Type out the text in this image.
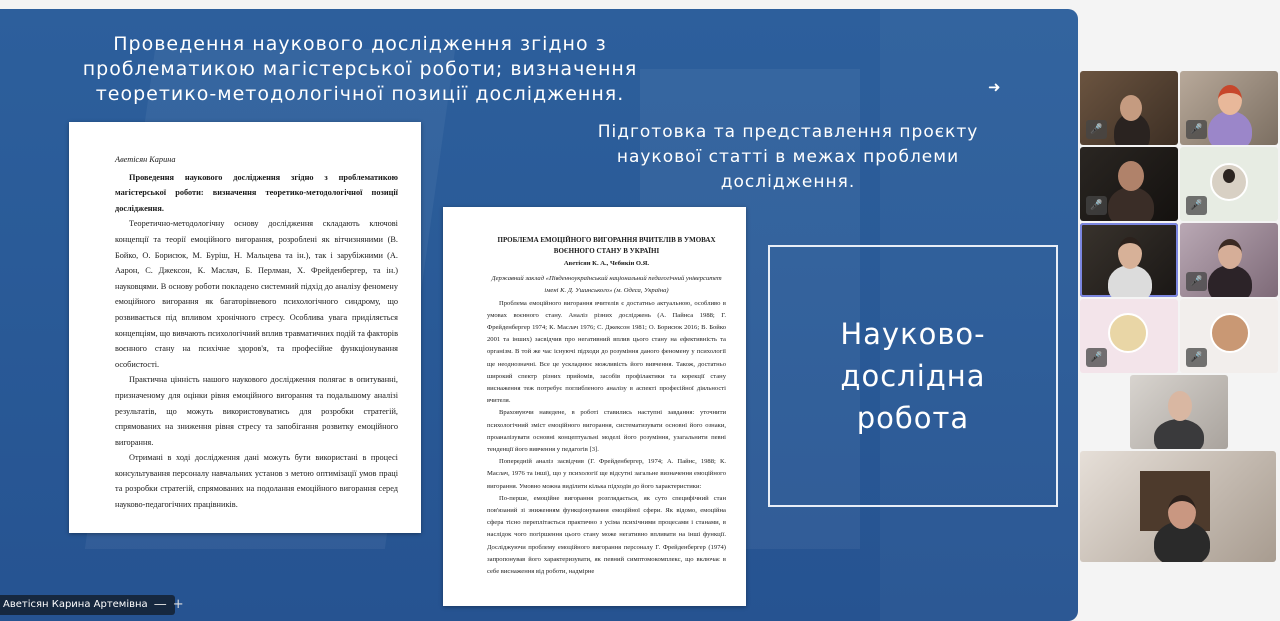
Проведення наукового дослідження згідно з
проблематикою магістерської роботи; визначення
теоретико-методологічної позиції дослідження.	➜
Підготовка та представлення проєкту
наукової статті в межах проблеми
дослідження.
Науково-
дослідна
робота
Аветісян Карина
Проведення наукового дослідження згідно з проблематикою магістерської роботи: визначення теоретико-методологічної позиції дослідження.
Теоретично-методологічну основу дослідження складають ключові концепції та теорії емоційного вигорання, розроблені як вітчизняними (В. Бойко, О. Борисюк, М. Буріш, Н. Мальцева та ін.), так і зарубіжними (А. Аарон, С. Джексон, К. Маслач, Б. Перлман, Х. Фрейденбергер, та ін.) науковцями. В основу роботи покладено системний підхід до аналізу феномену емоційного вигорання як багаторівневого психологічного синдрому, що розвивається під впливом хронічного стресу. Особлива увага приділяється концепціям, що вивчають психологічний вплив травматичних подій та факторів воєнного стану на психічне здоров'я, та професійне функціонування особистості.
Практична цінність нашого наукового дослідження полягає в опитуванні, призначеному для оцінки рівня емоційного вигорання та подальшому аналізі результатів, що можуть використовуватись для розробки стратегій, спрямованих на зниження рівня стресу та запобігання розвитку емоційного вигорання.
Отримані в ході дослідження дані можуть бути використані в процесі консультування персоналу навчальних установ з метою оптимізації умов праці та розробки стратегій, спрямованих на подолання емоційного вигорання серед науково-педагогічних працівників.
ПРОБЛЕМА ЕМОЦІЙНОГО ВИГОРАННЯ ВЧИТЕЛІВ В УМОВАХ ВОЄННОГО СТАНУ В УКРАЇНІ
Аветісян К. А., Чебикін О.Я.
Державний заклад «Південноукраїнський національний педагогічний університет імені К. Д. Ушинського» (м. Одеса, Україна)
Проблема емоційного вигорання вчителів є достатньо актуальною, особливо в умовах воєнного стану. Аналіз різних досліджень (А. Пайнса 1988; Г. Фрейденбергер 1974; К. Маслач 1976; С. Джексон 1981; О. Борисюк 2016; В. Бойко 2001 та інших) засвідчив про негативний вплив цього стану на ефективність та організм. В той же час існуючі підходи до розуміння даного феномену у психології ще неоднозначні. Все це ускладнює можливість його вивчення. Також, достатньо широкий спектр різних прийомів, засобів профілактики та корекції стану виснаження теж потребує поглибленого аналізу в аспекті професійної діяльності вчителя.
Враховуючи наведене, в роботі ставились наступні завдання: уточнити психологічний зміст емоційного вигорання, систематизувати основні його ознаки, проаналізувати основні концептуальні моделі його розуміння, узагальнити певні тенденції його вивчення у педагогів [3].
Попередній аналіз засвідчив (Г. Фрейденбергер, 1974; А. Пайнс, 1988; К. Маслач, 1976 та інші), що у психології ще відсутні загальне визначення емоційного вигорання. Умовно можна виділити кілька підходів до його характеристики:
По-перше, емоційне вигорання розглядається, як суто специфічний стан пов'язаний зі зниженням функціонування емоційної сфери. Як відомо, емоційна сфера тісно переплітається практично з усіма психічними процесами і станами, в наслідок чого погіршення цього стану може негативно впливати на інші функції. Досліджуючи проблему емоційного вигорання персоналу Г. Фрейденбергер (1974) запропонував його характеризувати, як певний симптомокомплекс, що включає в себе виснаження від роботи, надмірне
Аветісян Карина Артемівна — +
🎤	🎤
🎤	🎤
🎤
🎤	🎤
